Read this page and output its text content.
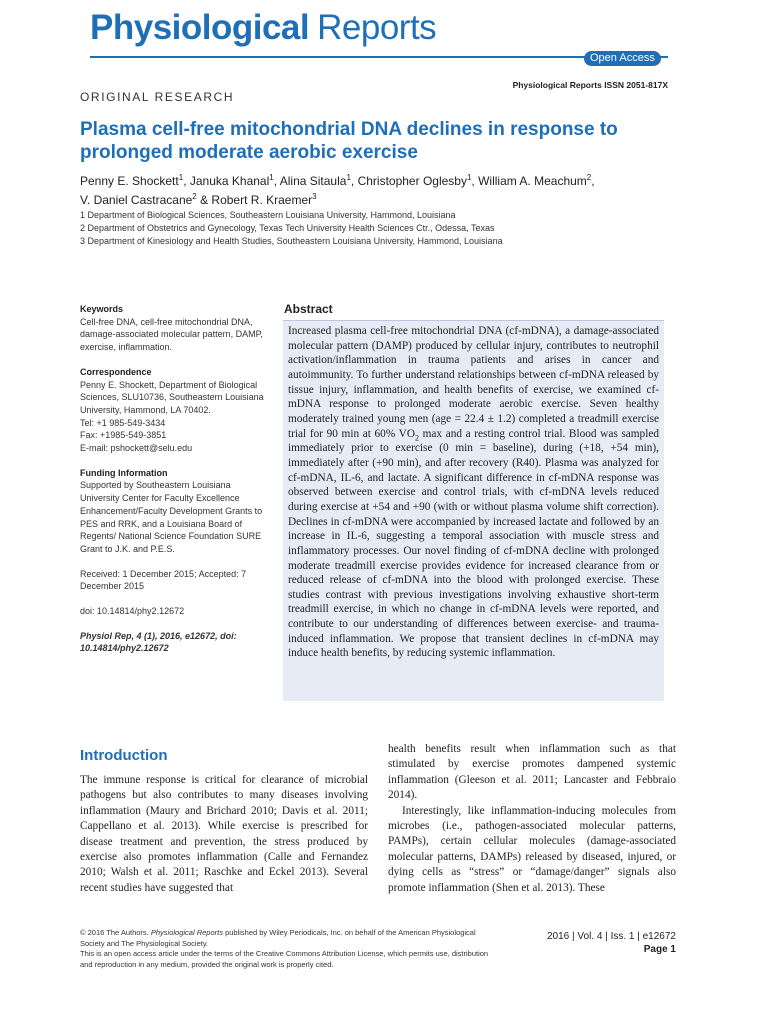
Physiological Reports
Open Access
Physiological Reports ISSN 2051-817X
ORIGINAL RESEARCH
Plasma cell-free mitochondrial DNA declines in response to prolonged moderate aerobic exercise
Penny E. Shockett$^1$, Januka Khanal$^1$, Alina Sitaula$^1$, Christopher Oglesby$^1$, William A. Meachum$^2$,
V. Daniel Castracane$^2$ & Robert R. Kraemer$^3$
1 Department of Biological Sciences, Southeastern Louisiana University, Hammond, Louisiana
2 Department of Obstetrics and Gynecology, Texas Tech University Health Sciences Ctr., Odessa, Texas
3 Department of Kinesiology and Health Studies, Southeastern Louisiana University, Hammond, Louisiana
Keywords
Cell-free DNA, cell-free mitochondrial DNA, damage-associated molecular pattern, DAMP, exercise, inflammation.
Correspondence
Penny E. Shockett, Department of Biological Sciences, SLU10736, Southeastern Louisiana University, Hammond, LA 70402.
Tel: +1 985-549-3434
Fax: +1985-549-3851
E-mail: pshockett@selu.edu
Funding Information
Supported by Southeastern Louisiana University Center for Faculty Excellence Enhancement/Faculty Development Grants to PES and RRK, and a Louisiana Board of Regents/ National Science Foundation SURE Grant to J.K. and P.E.S.
Received: 1 December 2015; Accepted: 7 December 2015
doi: 10.14814/phy2.12672
Physiol Rep, 4 (1), 2016, e12672, doi: 10.14814/phy2.12672
Abstract

Increased plasma cell-free mitochondrial DNA (cf-mDNA), a damage-associated molecular pattern (DAMP) produced by cellular injury, contributes to neutrophil activation/inflammation in trauma patients and arises in cancer and autoimmunity. To further understand relationships between cf-mDNA released by tissue injury, inflammation, and health benefits of exercise, we examined cf-mDNA response to prolonged moderate aerobic exercise. Seven healthy moderately trained young men (age = 22.4 ± 1.2) completed a treadmill exercise trial for 90 min at 60% $VO_2$ max and a resting control trial. Blood was sampled immediately prior to exercise (0 min = baseline), during (+18, +54 min), immediately after (+90 min), and after recovery (R40). Plasma was analyzed for cf-mDNA, IL-6, and lactate. A significant difference in cf-mDNA response was observed between exercise and control trials, with cf-mDNA levels reduced during exercise at +54 and +90 (with or without plasma volume shift correction). Declines in cf-mDNA were accompanied by increased lactate and followed by an increase in IL-6, suggesting a temporal association with muscle stress and inflammatory processes. Our novel finding of cf-mDNA decline with prolonged moderate treadmill exercise provides evidence for increased clearance from or reduced release of cf-mDNA into the blood with prolonged exercise. These studies contrast with previous investigations involving exhaustive short-term treadmill exercise, in which no change in cf-mDNA levels were reported, and contribute to our understanding of differences between exercise- and trauma-induced inflammation. We propose that transient declines in cf-mDNA may induce health benefits, by reducing systemic inflammation.

Introduction

The immune response is critical for clearance of microbial pathogens but also contributes to many diseases involving inflammation (Maury and Brichard 2010; Davis et al. 2011; Cappellano et al. 2013). While exercise is prescribed for disease treatment and prevention, the stress produced by exercise also promotes inflammation (Calle and Fernandez 2010; Walsh et al. 2011; Raschke and Eckel 2013). Several recent studies have suggested that

health benefits result when inflammation such as that stimulated by exercise promotes dampened systemic inflammation (Gleeson et al. 2011; Lancaster and Febbraio 2014).

Interestingly, like inflammation-inducing molecules from microbes (i.e., pathogen-associated molecular patterns, PAMPs), certain cellular molecules (damage-associated molecular patterns, DAMPs) released by diseased, injured, or dying cells as “stress” or “damage/danger” signals also promote inflammation (Shen et al. 2013). These

© 2016 The Authors. Physiological Reports published by Wiley Periodicals, Inc. on behalf of the American Physiological Society and The Physiological Society.
This is an open access article under the terms of the Creative Commons Attribution License, which permits use, distribution and reproduction in any medium, provided the original work is properly cited.
2016 | Vol. 4 | Iss. 1 | e12672
Page 1
